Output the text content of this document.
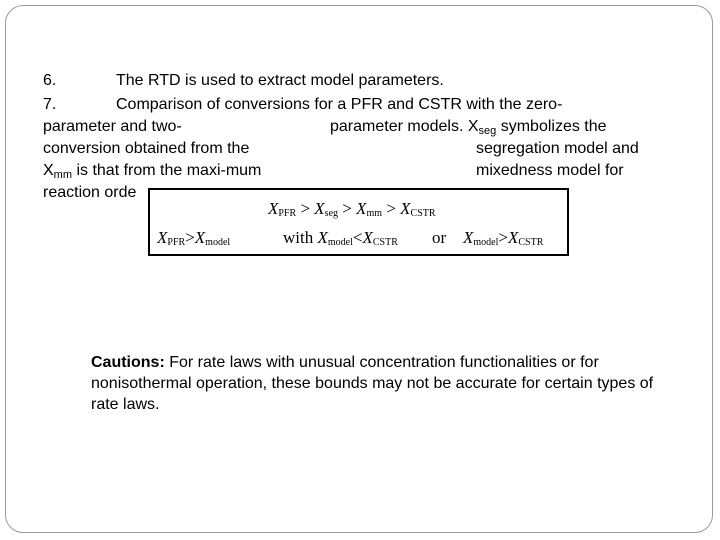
6.	The RTD is used to extract model parameters.
7.	Comparison of conversions for a PFR and CSTR with the zero-
parameter and two-	parameter models. $X_{seg}$ symbolizes the
conversion obtained from the	segregation model and
$X_{mm}$ is that from the maxi-mum	mixedness model for
reaction orde
$X_{PFR} > X_{seg} > X_{mm} > X_{CSTR}$
$X_{PFR}>X_{model}$	with $X_{model}<X_{CSTR}$ or $X_{model}>X_{CSTR}$
Cautions: For rate laws with unusual concentration functionalities or for nonisothermal operation, these bounds may not be accurate for certain types of rate laws.
